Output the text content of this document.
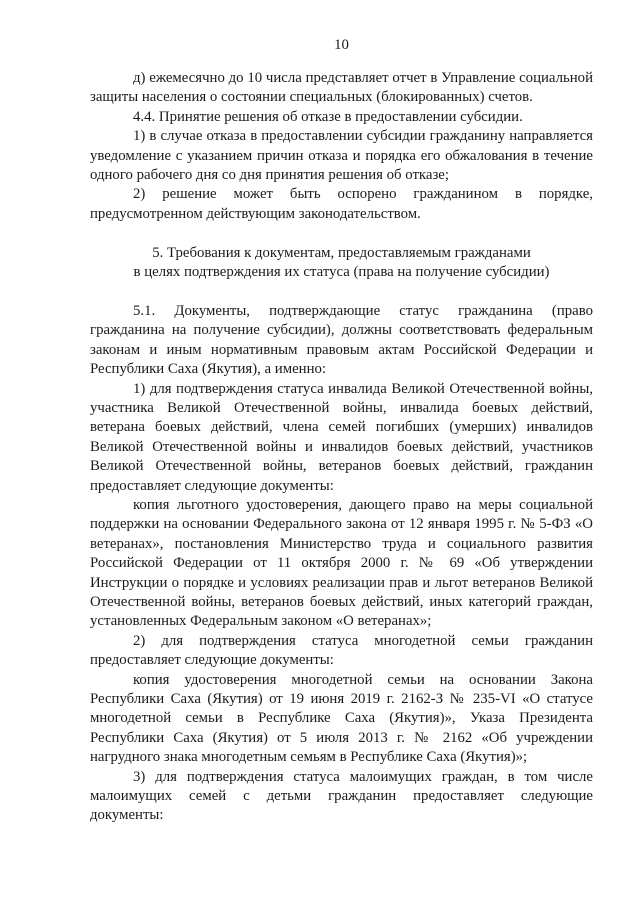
10
д) ежемесячно до 10 числа представляет отчет в Управление социальной
защиты населения о состоянии специальных (блокированных) счетов.
4.4. Принятие решения об отказе в предоставлении субсидии.
1) в случае отказа в предоставлении субсидии гражданину направляется
уведомление с указанием причин отказа и порядка его обжалования в течение
одного рабочего дня со дня принятия решения об отказе;
2) решение может быть оспорено гражданином в порядке,
предусмотренном действующим законодательством.
5. Требования к документам, предоставляемым гражданами
в целях подтверждения их статуса (права на получение субсидии)
5.1. Документы, подтверждающие статус гражданина (право
гражданина на получение субсидии), должны соответствовать федеральным
законам и иным нормативным правовым актам Российской Федерации и
Республики Саха (Якутия), а именно:
1) для подтверждения статуса инвалида Великой Отечественной войны,
участника Великой Отечественной войны, инвалида боевых действий,
ветерана боевых действий, члена семей погибших (умерших) инвалидов
Великой Отечественной войны и инвалидов боевых действий, участников
Великой Отечественной войны, ветеранов боевых действий, гражданин
предоставляет следующие документы:
копия льготного удостоверения, дающего право на меры социальной
поддержки на основании Федерального закона от 12 января 1995 г. № 5-ФЗ «О
ветеранах», постановления Министерство труда и социального развития
Российской Федерации от 11 октября 2000 г. № 69 «Об утверждении
Инструкции о порядке и условиях реализации прав и льгот ветеранов Великой
Отечественной войны, ветеранов боевых действий, иных категорий граждан,
установленных Федеральным законом «О ветеранах»;
2) для подтверждения статуса многодетной семьи гражданин
предоставляет следующие документы:
копия удостоверения многодетной семьи на основании Закона
Республики Саха (Якутия) от 19 июня 2019 г. 2162-З № 235-VI «О статусе
многодетной семьи в Республике Саха (Якутия)», Указа Президента
Республики Саха (Якутия) от 5 июля 2013 г. № 2162 «Об учреждении
нагрудного знака многодетным семьям в Республике Саха (Якутия)»;
3) для подтверждения статуса малоимущих граждан, в том числе
малоимущих семей с детьми гражданин предоставляет следующие
документы:
